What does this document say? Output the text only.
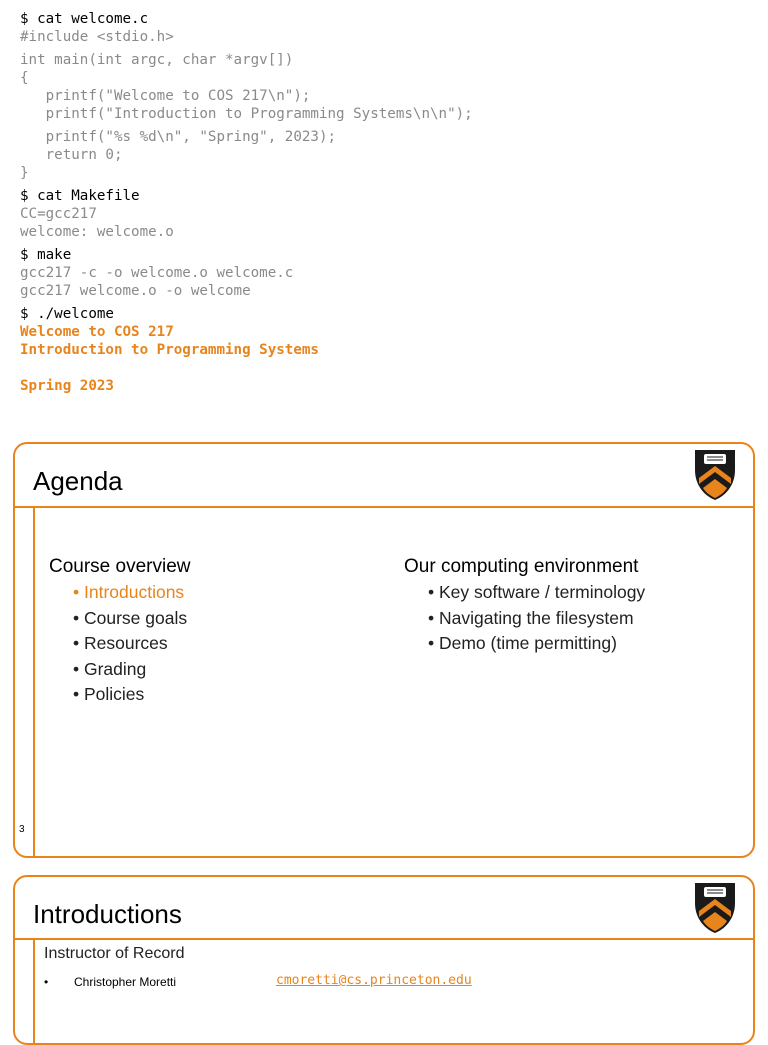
$ cat welcome.c
#include <stdio.h>
int main(int argc, char *argv[])
{
printf("Welcome to COS 217\n");
printf("Introduction to Programming Systems\n\n");
printf("%s %d\n", "Spring", 2023);
return 0;
}
$ cat Makefile
CC=gcc217
welcome: welcome.o
$ make
gcc217 -c -o welcome.o welcome.c
gcc217 welcome.o -o welcome
$ ./welcome
Welcome to COS 217
Introduction to Programming Systems

Spring 2023
Agenda
3
Course overview
• Introductions
• Course goals
• Resources
• Grading
• Policies
Our computing environment
• Key software / terminology
• Navigating the filesystem
• Demo (time permitting)
Introductions
Instructor of Record
• Christopher Moretti	cmoretti@cs.princeton.edu
